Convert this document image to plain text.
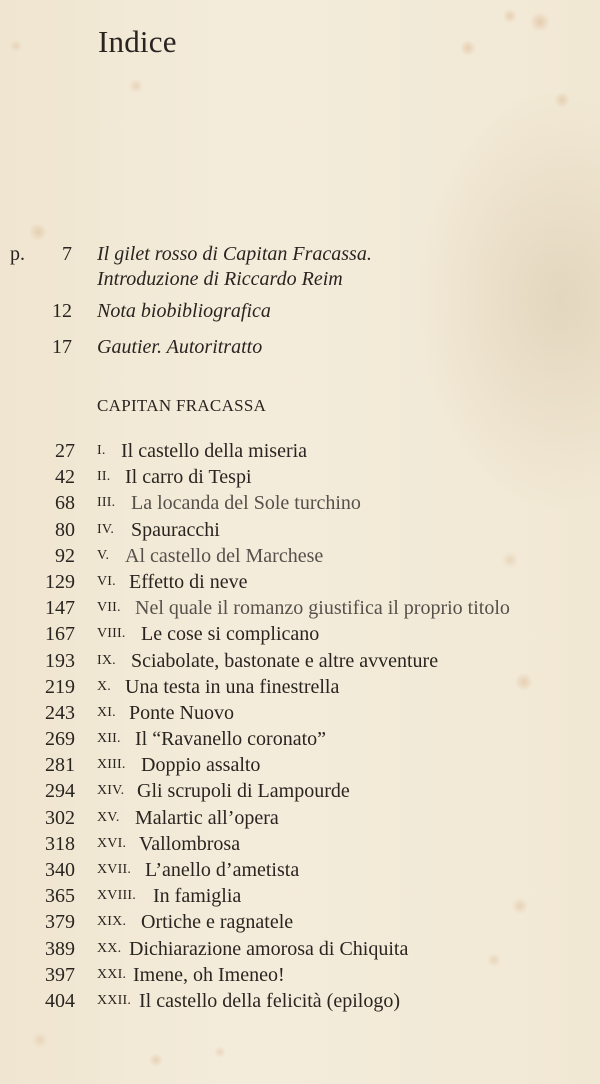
Indice
p. 7 Il gilet rosso di Capitan Fracassa.
Introduzione di Riccardo Reim
12 Nota biobibliografica
17 Gautier. Autoritratto
CAPITAN FRACASSA
27 I. Il castello della miseria
42 II. Il carro di Tespi
68 III. La locanda del Sole turchino
80 IV. Spauracchi
92 V. Al castello del Marchese
129 VI. Effetto di neve
147 VII. Nel quale il romanzo giustifica il proprio titolo
167 VIII. Le cose si complicano
193 IX. Sciabolate, bastonate e altre avventure
219 X. Una testa in una finestrella
243 XI. Ponte Nuovo
269 XII. Il “Ravanello coronato”
281 XIII. Doppio assalto
294 XIV. Gli scrupoli di Lampourde
302 XV. Malartic all’opera
318 XVI. Vallombrosa
340 XVII. L’anello d’ametista
365 XVIII. In famiglia
379 XIX. Ortiche e ragnatele
389 XX. Dichiarazione amorosa di Chiquita
397 XXI. Imene, oh Imeneo!
404 XXII. Il castello della felicità (epilogo)
